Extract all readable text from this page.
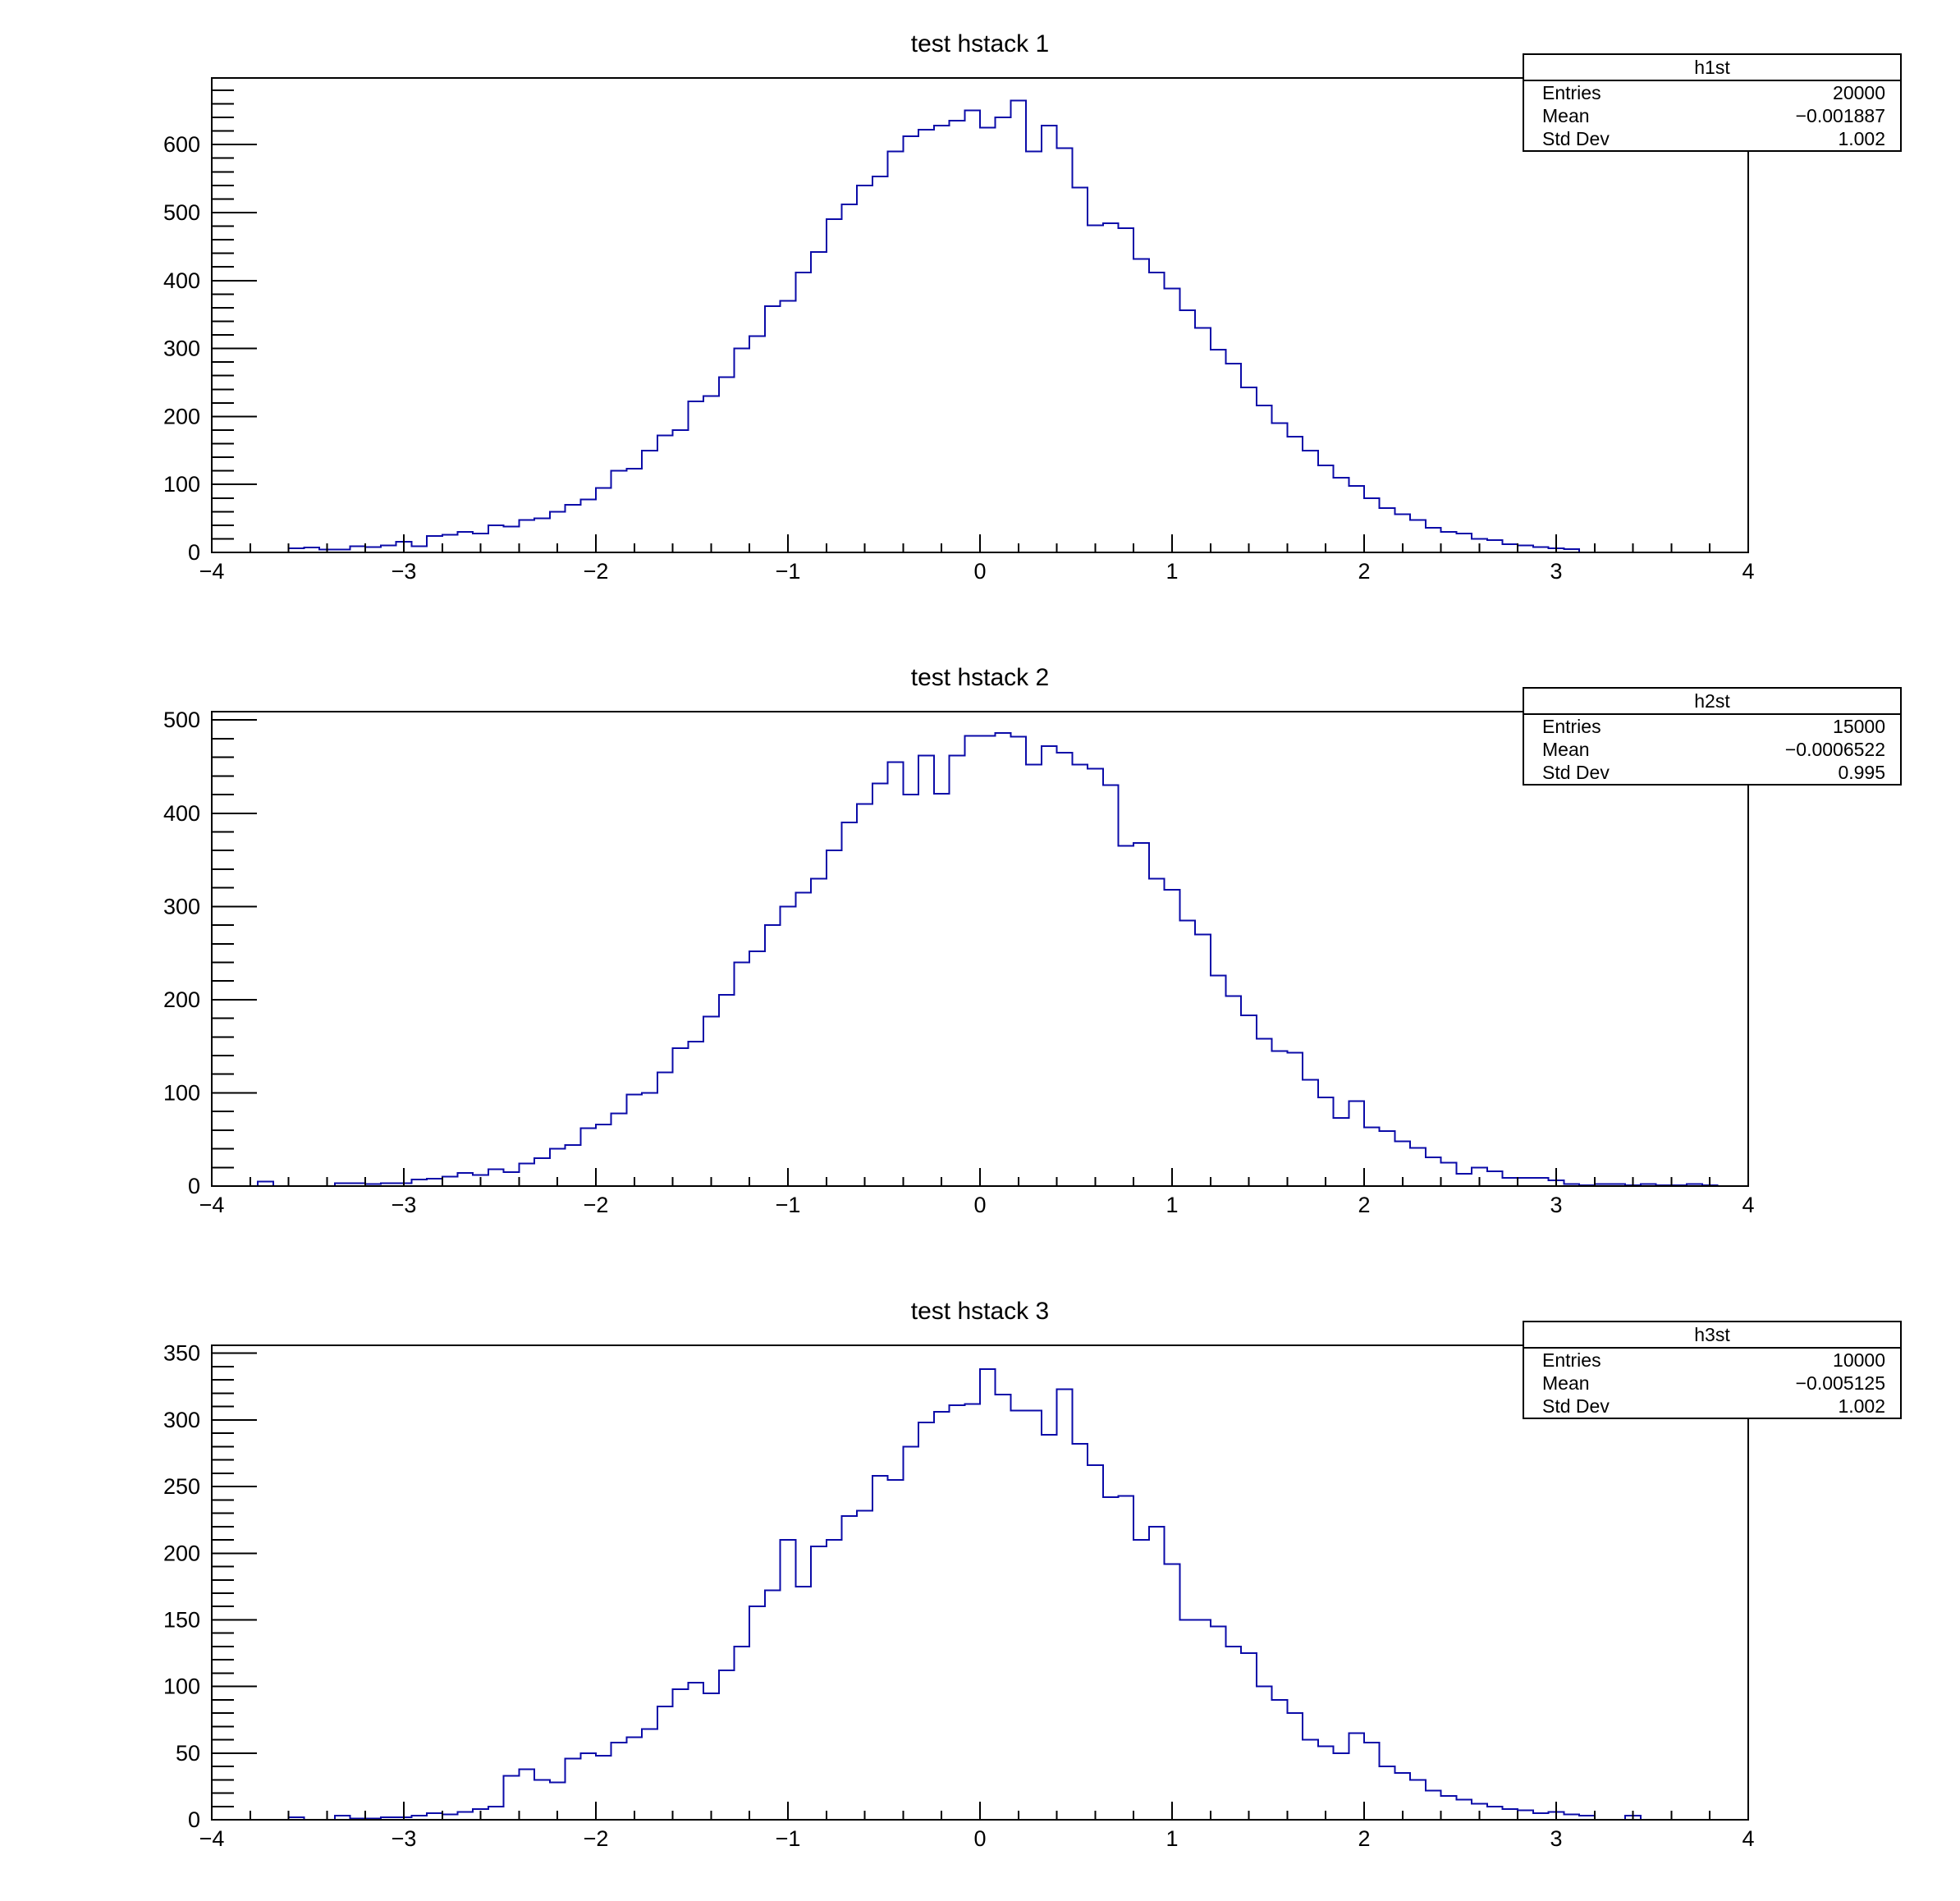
0
100
200
300
400
500
600
−4	−3	−2	−1	0	1	2	3	4
test hstack 1
h1st
Entries	20000
Mean	−0.001887
Std Dev	1.002
0
100
200
300
400
500
−4	−3	−2	−1	0	1	2	3	4
test hstack 2
h2st
Entries	15000
Mean	−0.0006522
Std Dev	0.995
0
50
100
150
200
250
300
350
−4	−3	−2	−1	0	1	2	3	4
test hstack 3
h3st
Entries	10000
Mean	−0.005125
Std Dev	1.002
